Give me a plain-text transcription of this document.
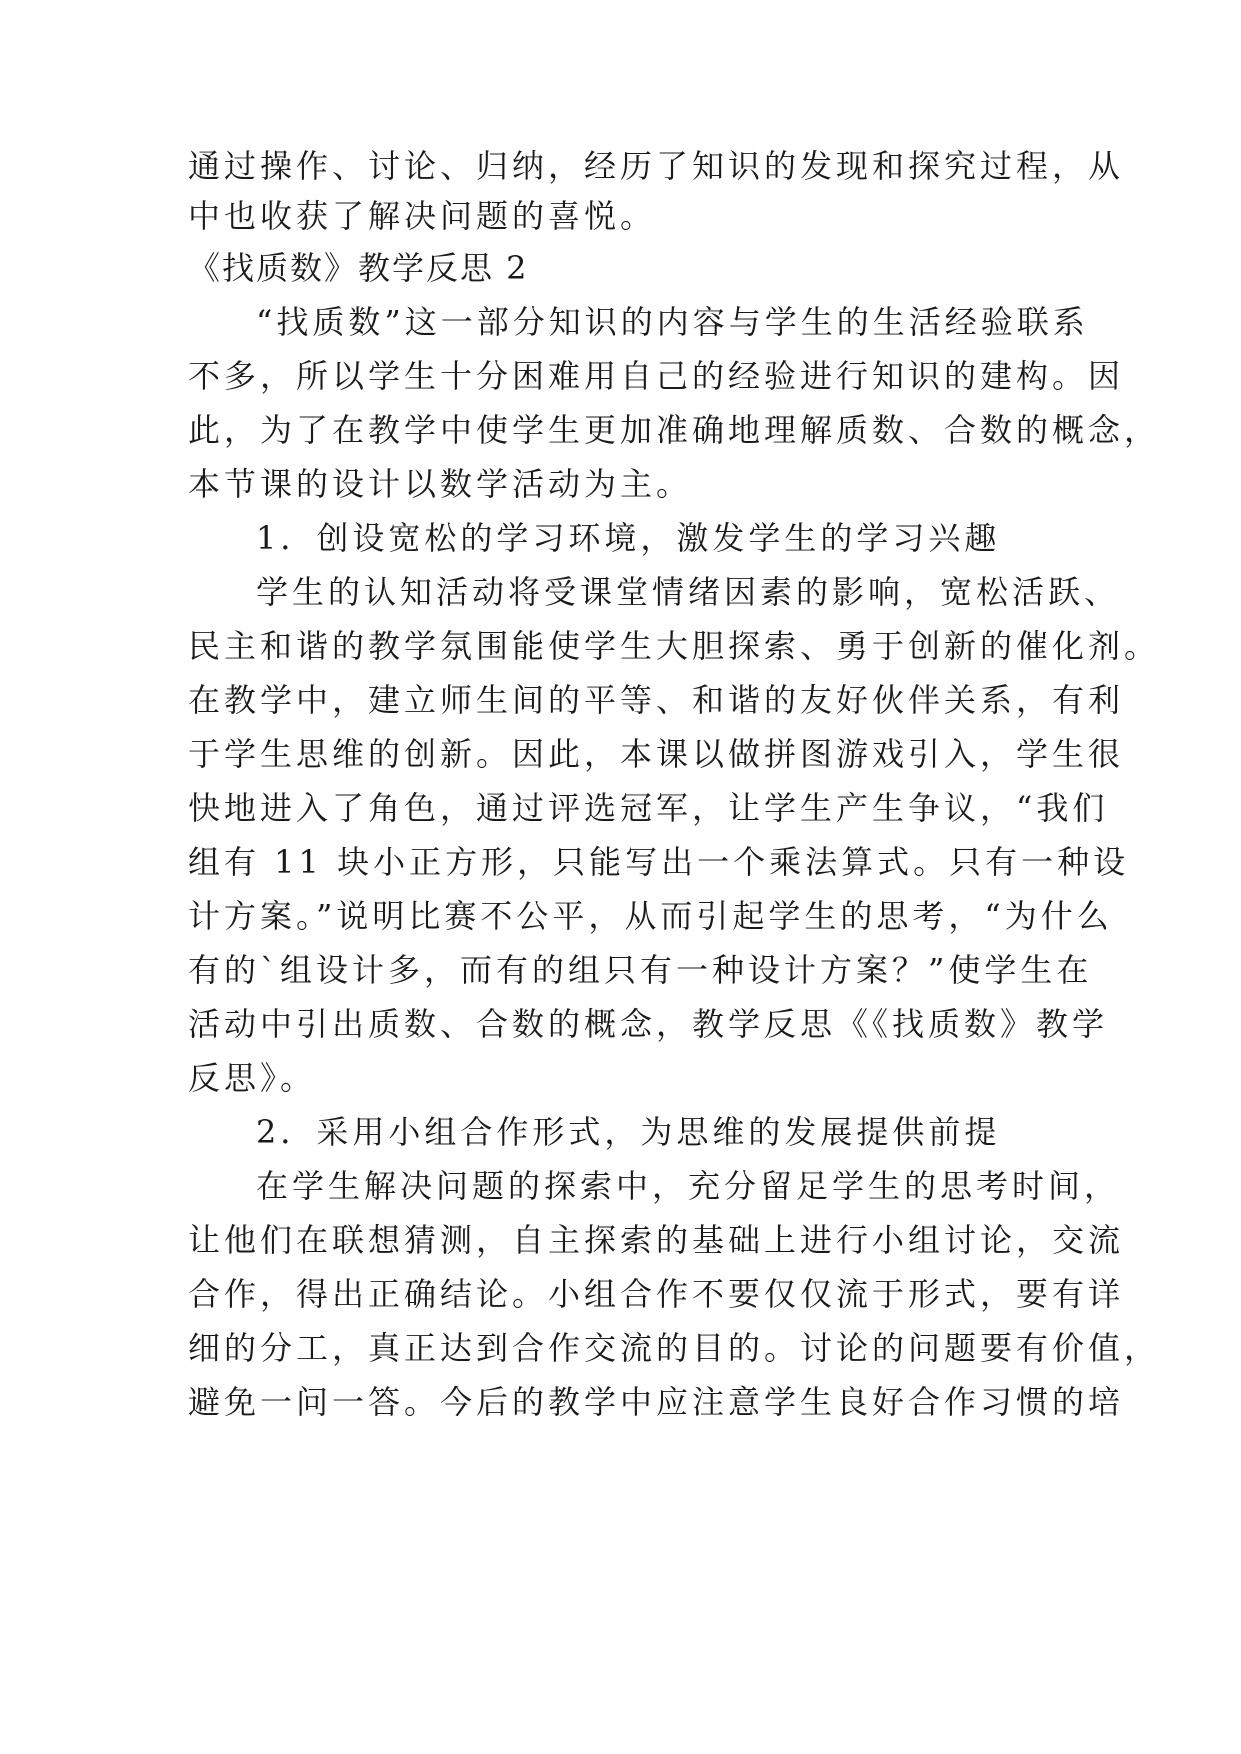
通过操作、讨论、归纳，经历了知识的发现和探究过程，从
中也收获了解决问题的喜悦。
《找质数》教学反思 2
“找质数”这一部分知识的内容与学生的生活经验联系
不多，所以学生十分困难用自己的经验进行知识的建构。因
此，为了在教学中使学生更加准确地理解质数、合数的概念，
本节课的设计以数学活动为主。
1．创设宽松的学习环境，激发学生的学习兴趣
学生的认知活动将受课堂情绪因素的影响，宽松活跃、
民主和谐的教学氛围能使学生大胆探索、勇于创新的催化剂。
在教学中，建立师生间的平等、和谐的友好伙伴关系，有利
于学生思维的创新。因此，本课以做拼图游戏引入，学生很
快地进入了角色，通过评选冠军，让学生产生争议，“我们
组有 11 块小正方形，只能写出一个乘法算式。只有一种设
计方案。”说明比赛不公平，从而引起学生的思考，“为什么
有的`组设计多，而有的组只有一种设计方案？”使学生在
活动中引出质数、合数的概念，教学反思《《找质数》教学
反思》。
2．采用小组合作形式，为思维的发展提供前提
在学生解决问题的探索中，充分留足学生的思考时间，
让他们在联想猜测，自主探索的基础上进行小组讨论，交流
合作，得出正确结论。小组合作不要仅仅流于形式，要有详
细的分工，真正达到合作交流的目的。讨论的问题要有价值，
避免一问一答。今后的教学中应注意学生良好合作习惯的培
